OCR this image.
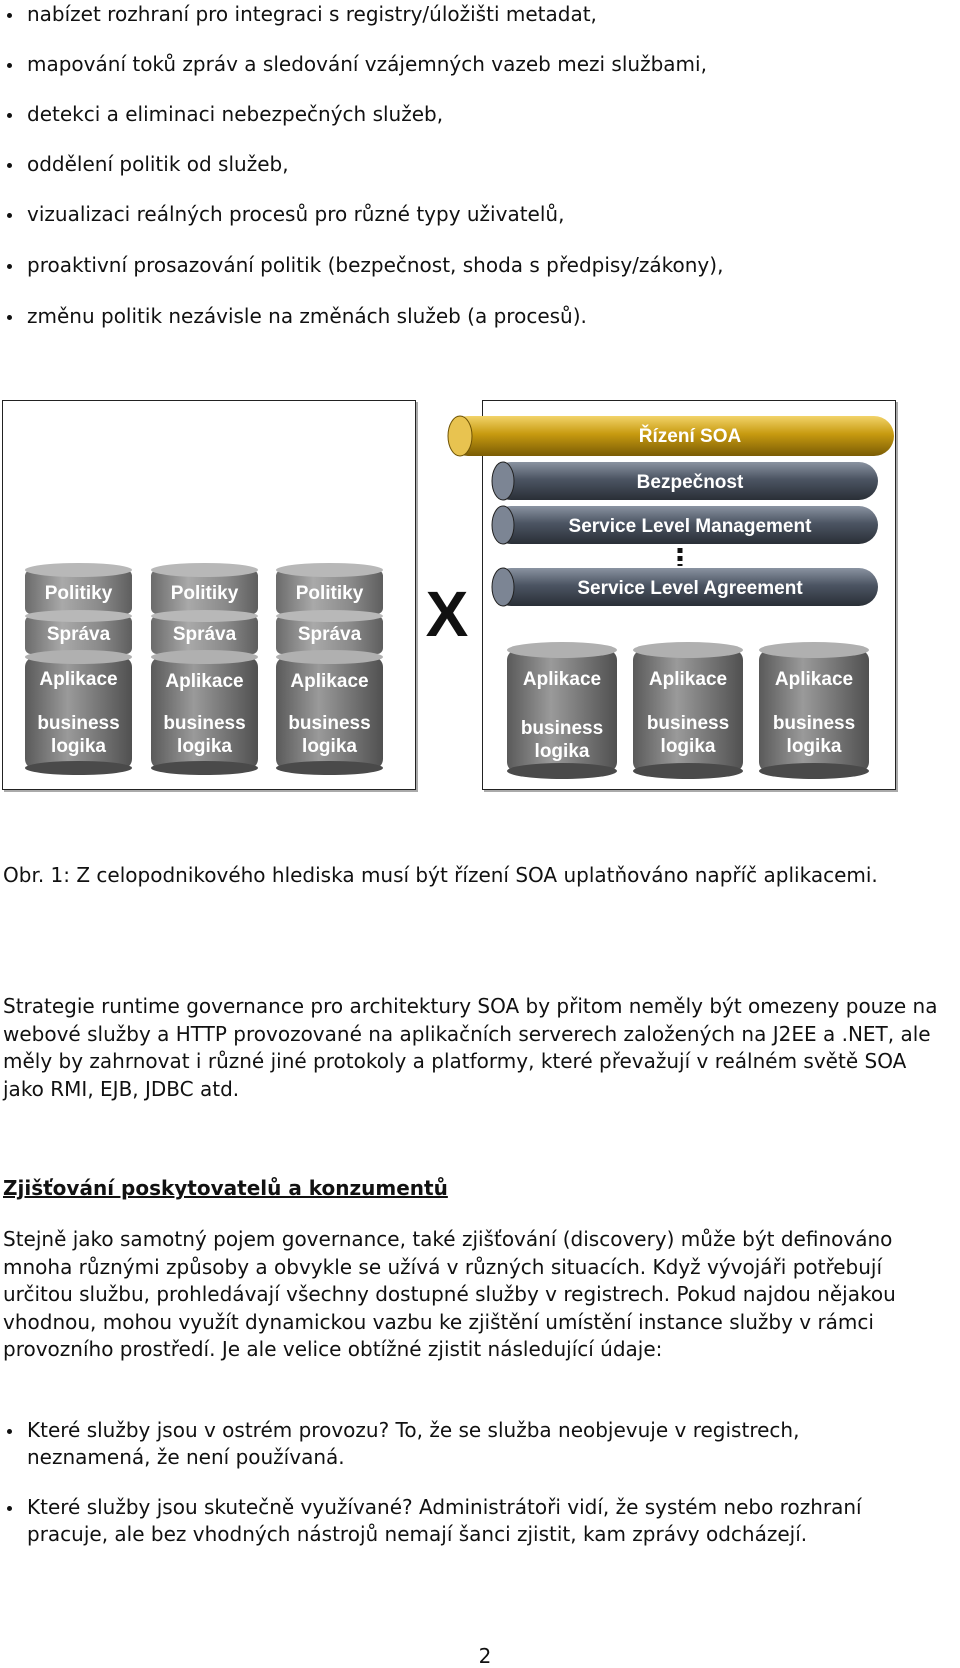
nabízet rozhraní pro integraci s registry/úložišti metadat,
mapování toků zpráv a sledování vzájemných vazeb mezi službami,
detekci a eliminaci nebezpečných služeb,
oddělení politik od služeb,
vizualizaci reálných procesů pro různé typy uživatelů,
proaktivní prosazování politik (bezpečnost, shoda s předpisy/zákony),
změnu politik nezávisle na změnách služeb (a procesů).
Politiky
Správa
Aplikace
business
logika
Politiky
Správa
Aplikace
business
logika
Politiky
Správa
Aplikace
business
logika
X
Řízení SOA
Bezpečnost
Service Level Management
Service Level Agreement
Aplikace
business
logika
Aplikace
business
logika
Aplikace
business
logika
Obr. 1: Z celopodnikového hlediska musí být řízení SOA uplatňováno napříč aplikacemi.
Strategie runtime governance pro architektury SOA by přitom neměly být omezeny pouze na webové služby a HTTP provozované na aplikačních serverech založených na J2EE a .NET, ale měly by zahrnovat i různé jiné protokoly a platformy, které převažují v reálném světě SOA jako RMI, EJB, JDBC atd.
Zjišťování poskytovatelů a konzumentů
Stejně jako samotný pojem governance, také zjišťování (discovery) může být definováno mnoha různými způsoby a obvykle se užívá v různých situacích. Když vývojáři potřebují určitou službu, prohledávají všechny dostupné služby v registrech. Pokud najdou nějakou vhodnou, mohou využít dynamickou vazbu ke zjištění umístění instance služby v rámci provozního prostředí. Je ale velice obtížné zjistit následující údaje:
Které služby jsou v ostrém provozu? To, že se služba neobjevuje v registrech, neznamená, že není používaná.
Které služby jsou skutečně využívané? Administrátoři vidí, že systém nebo rozhraní pracuje, ale bez vhodných nástrojů nemají šanci zjistit, kam zprávy odcházejí.
2
